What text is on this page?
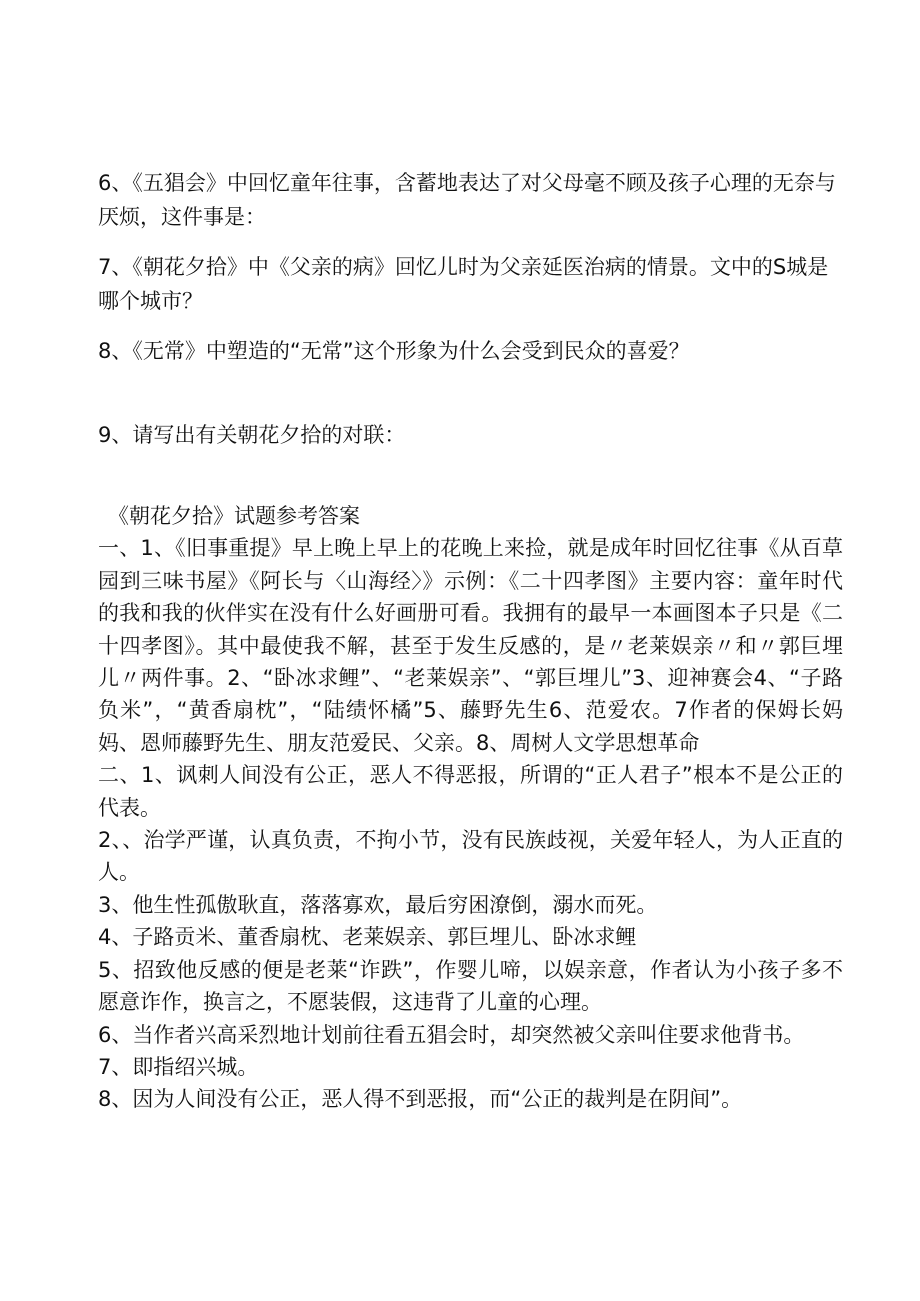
6、《五猖会》中回忆童年往事，含蓄地表达了对父母毫不顾及孩子心理的无奈与厌烦，这件事是：

7、《朝花夕拾》中《父亲的病》回忆儿时为父亲延医治病的情景。文中的S城是哪个城市？

8、《无常》中塑造的“无常”这个形象为什么会受到民众的喜爱？

9、请写出有关朝花夕拾的对联：

《朝花夕拾》试题参考答案

一、1、《旧事重提》早上晚上早上的花晚上来捡，就是成年时回忆往事《从百草园到三味书屋》《阿长与〈山海经〉》示例：《二十四孝图》主要内容：童年时代的我和我的伙伴实在没有什么好画册可看。我拥有的最早一本画图本子只是《二十四孝图》。其中最使我不解，甚至于发生反感的，是〃老莱娱亲〃和〃郭巨埋儿〃两件事。2、“卧冰求鲤”、“老莱娱亲”、“郭巨埋儿”3、迎神赛会4、“子路负米”，“黄香扇枕”，“陆绩怀橘”5、藤野先生6、范爱农。7作者的保姆长妈妈、恩师藤野先生、朋友范爱民、父亲。8、周树人文学思想革命

二、1、讽刺人间没有公正，恶人不得恶报，所谓的“正人君子”根本不是公正的代表。

2、、治学严谨，认真负责，不拘小节，没有民族歧视，关爱年轻人，为人正直的人。

3、他生性孤傲耿直，落落寡欢，最后穷困潦倒，溺水而死。

4、子路贡米、董香扇枕、老莱娱亲、郭巨埋儿、卧冰求鲤

5、招致他反感的便是老莱“诈跌”，作婴儿啼，以娱亲意，作者认为小孩子多不愿意诈作，换言之，不愿装假，这违背了儿童的心理。

6、当作者兴高采烈地计划前往看五猖会时，却突然被父亲叫住要求他背书。

7、即指绍兴城。

8、因为人间没有公正，恶人得不到恶报，而“公正的裁判是在阴间”。
